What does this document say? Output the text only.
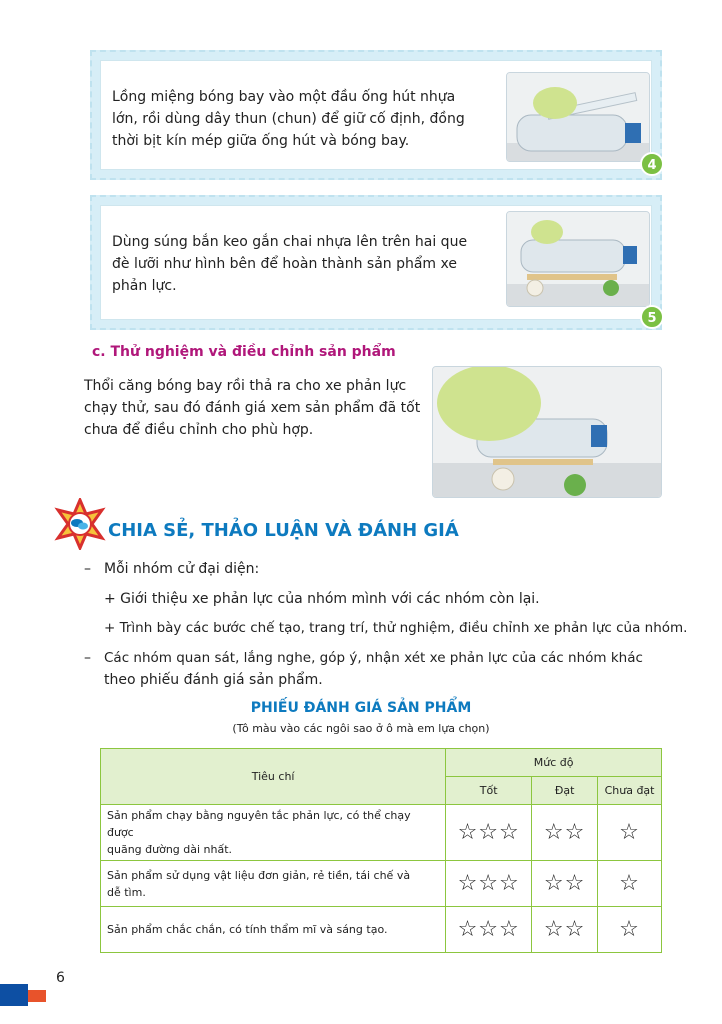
Lồng miệng bóng bay vào một đầu ống hút nhựa
lớn, rồi dùng dây thun (chun) để giữ cố định, đồng
thời bịt kín mép giữa ống hút và bóng bay.
4
Dùng súng bắn keo gắn chai nhựa lên trên hai que
đè lưỡi như hình bên để hoàn thành sản phẩm xe
phản lực.
5
c. Thử nghiệm và điều chỉnh sản phẩm
Thổi căng bóng bay rồi thả ra cho xe phản lực
chạy thử, sau đó đánh giá xem sản phẩm đã tốt
chưa để điều chỉnh cho phù hợp.
CHIA SẺ, THẢO LUẬN VÀ ĐÁNH GIÁ
– Mỗi nhóm cử đại diện:
+ Giới thiệu xe phản lực của nhóm mình với các nhóm còn lại.
+ Trình bày các bước chế tạo, trang trí, thử nghiệm, điều chỉnh xe phản lực của nhóm.
– Các nhóm quan sát, lắng nghe, góp ý, nhận xét xe phản lực của các nhóm khác
theo phiếu đánh giá sản phẩm.
PHIẾU ĐÁNH GIÁ SẢN PHẨM
(Tô màu vào các ngôi sao ở ô mà em lựa chọn)
Tiêu chí	Mức độ		
	Tốt	Đạt	Chưa đạt

Sản phẩm chạy bằng nguyên tắc phản lực, có thể chạy được
quãng đường dài nhất.	☆☆☆	☆☆	☆

Sản phẩm sử dụng vật liệu đơn giản, rẻ tiền, tái chế và
dễ tìm.	☆☆☆	☆☆	☆

Sản phẩm chắc chắn, có tính thẩm mĩ và sáng tạo.	☆☆☆	☆☆	☆
6
